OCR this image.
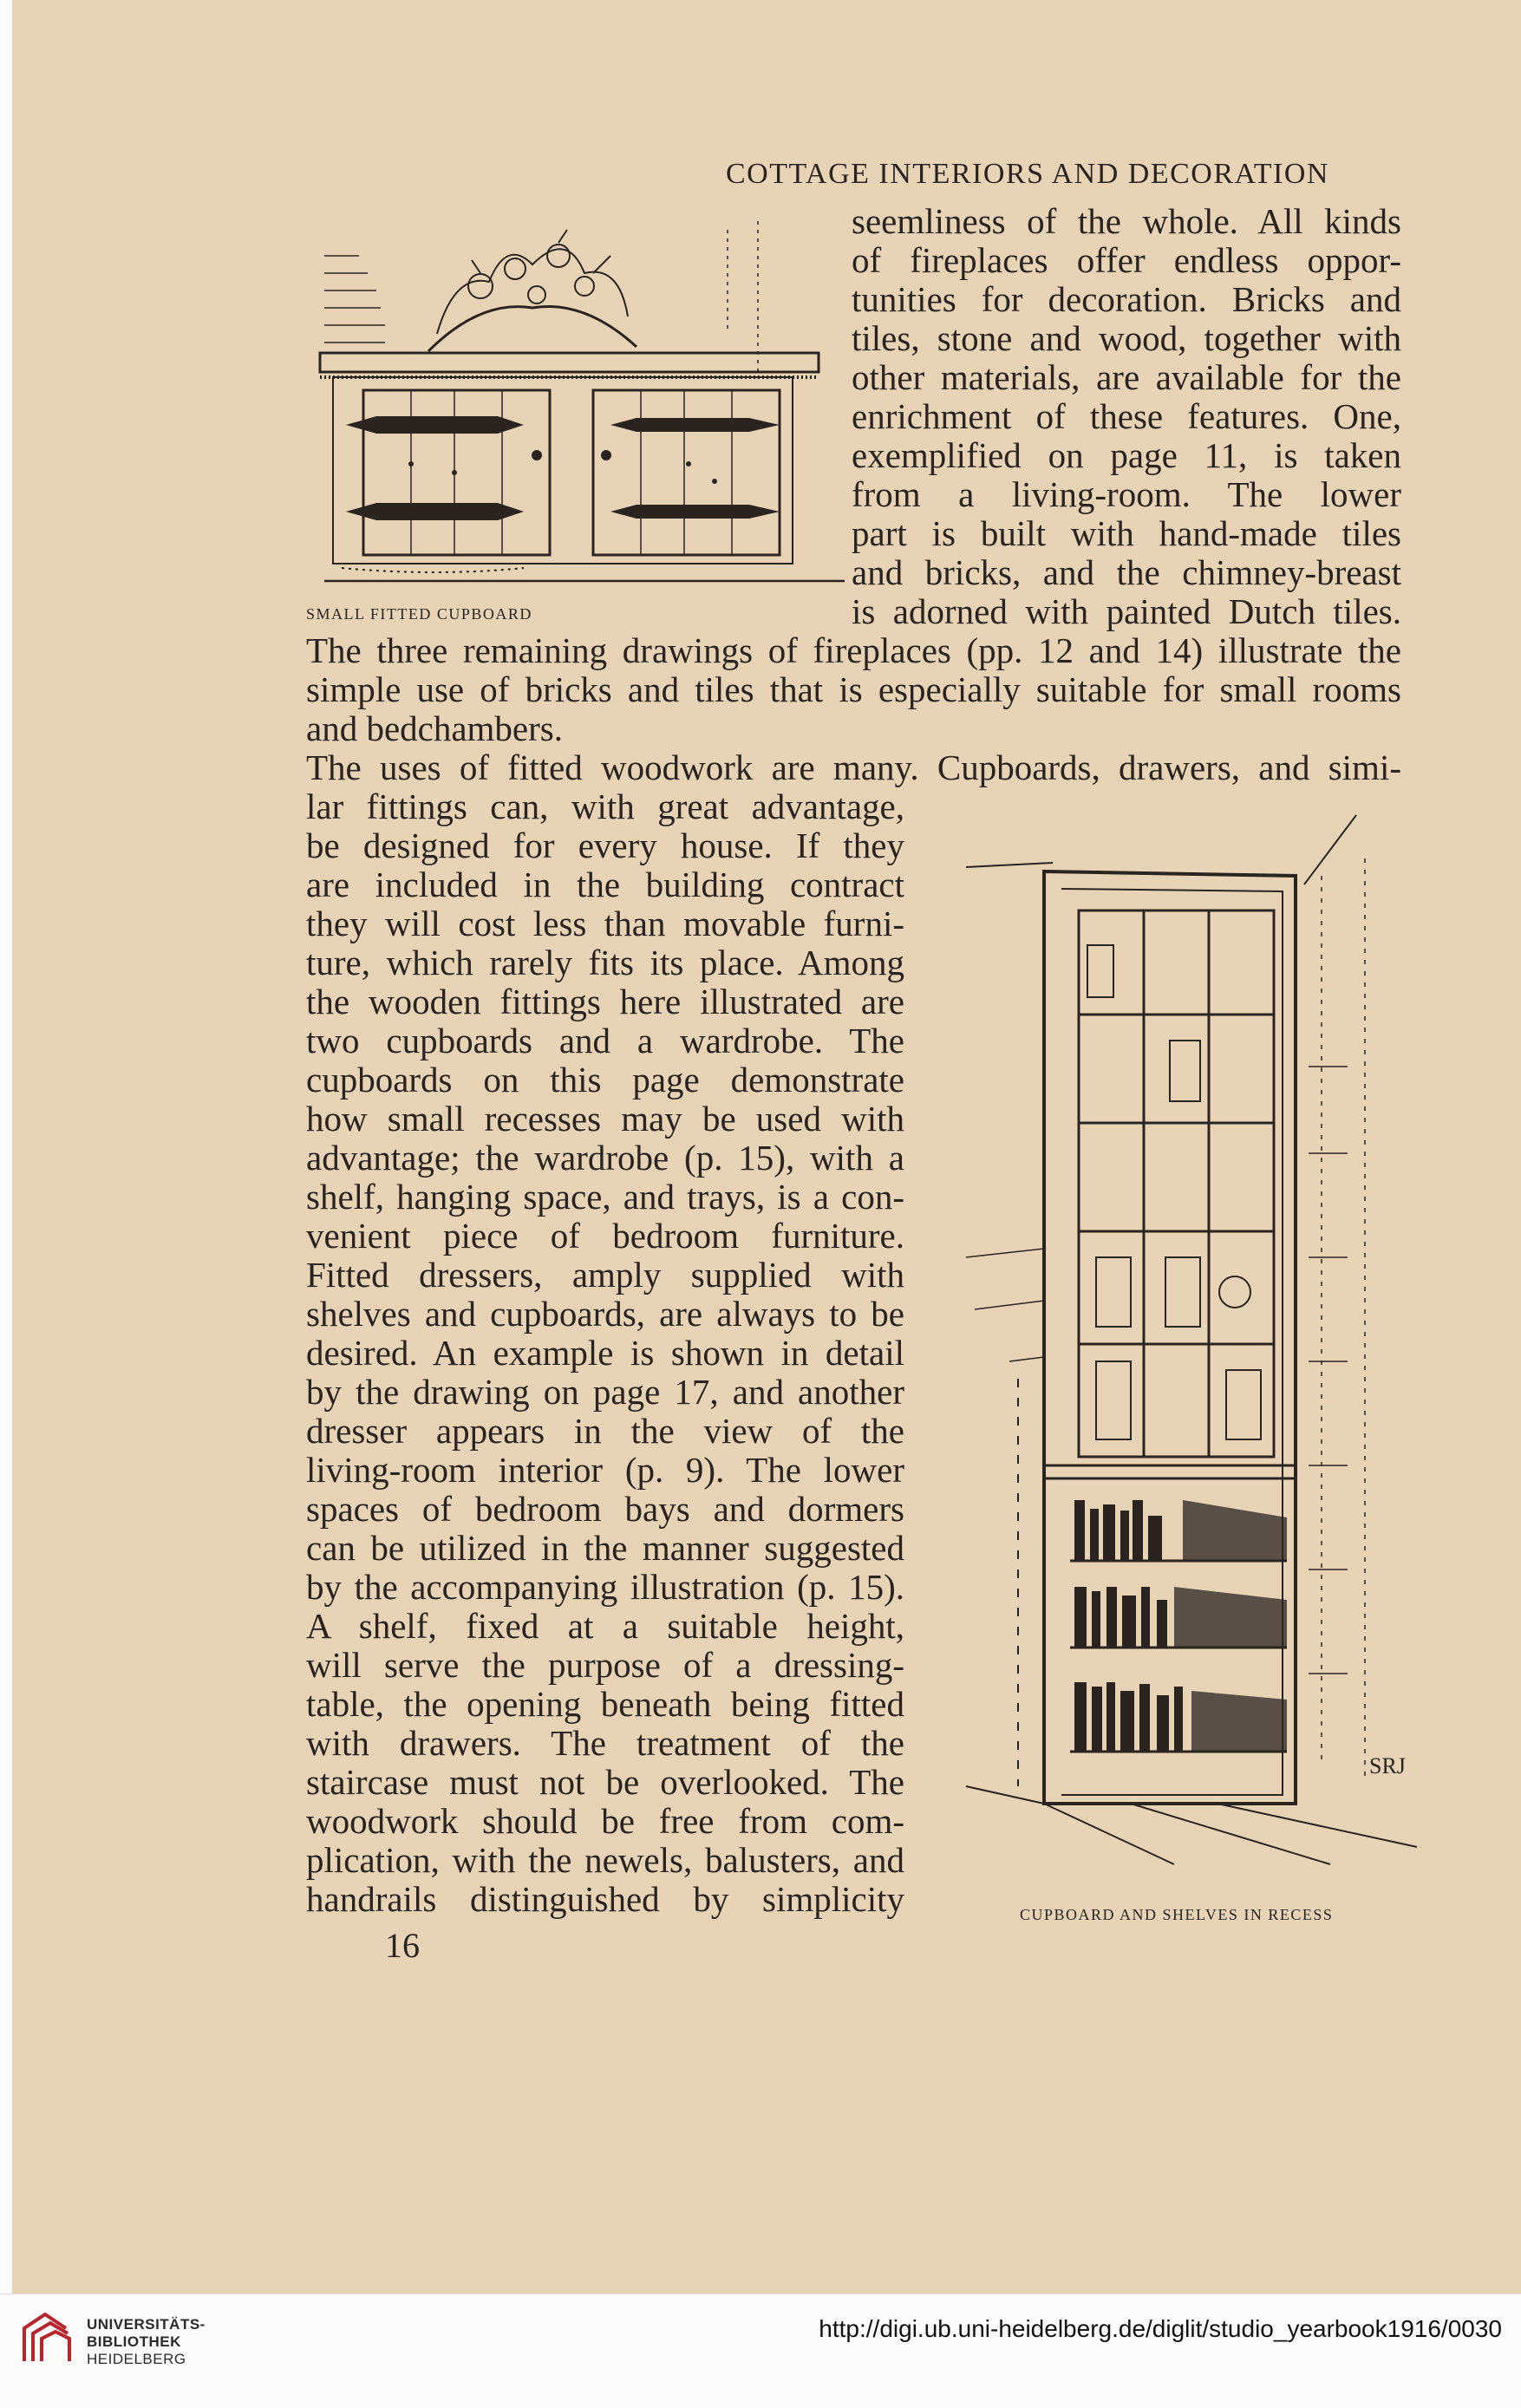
COTTAGE INTERIORS AND DECORATION
SMALL FITTED CUPBOARD
seemliness of the whole. All kinds
of fireplaces offer endless oppor-
tunities for decoration. Bricks and
tiles, stone and wood, together with
other materials, are available for the
enrichment of these features. One,
exemplified on page 11, is taken
from a living-room. The lower
part is built with hand-made tiles
and bricks, and the chimney-breast
is adorned with painted Dutch tiles.
The three remaining drawings of fireplaces (pp. 12 and 14) illustrate the
simple use of bricks and tiles that is especially suitable for small rooms
and bedchambers.
The uses of fitted woodwork are many. Cupboards, drawers, and simi-
lar fittings can, with great advantage,
be designed for every house. If they
are included in the building contract
they will cost less than movable furni-
ture, which rarely fits its place. Among
the wooden fittings here illustrated are
two cupboards and a wardrobe. The
cupboards on this page demonstrate
how small recesses may be used with
advantage; the wardrobe (p. 15), with a
shelf, hanging space, and trays, is a con-
venient piece of bedroom furniture.
Fitted dressers, amply supplied with
shelves and cupboards, are always to be
desired. An example is shown in detail
by the drawing on page 17, and another
dresser appears in the view of the
living-room interior (p. 9). The lower
spaces of bedroom bays and dormers
can be utilized in the manner suggested
by the accompanying illustration (p. 15).
A shelf, fixed at a suitable height,
will serve the purpose of a dressing-
table, the opening beneath being fitted
with drawers. The treatment of the
staircase must not be overlooked. The
woodwork should be free from com-
plication, with the newels, balusters, and
handrails distinguished by simplicity
SRJ
CUPBOARD AND SHELVES IN RECESS
16
UNIVERSITÄTS-
BIBLIOTHEK
HEIDELBERG
http://digi.ub.uni-heidelberg.de/diglit/studio_yearbook1916/0030
